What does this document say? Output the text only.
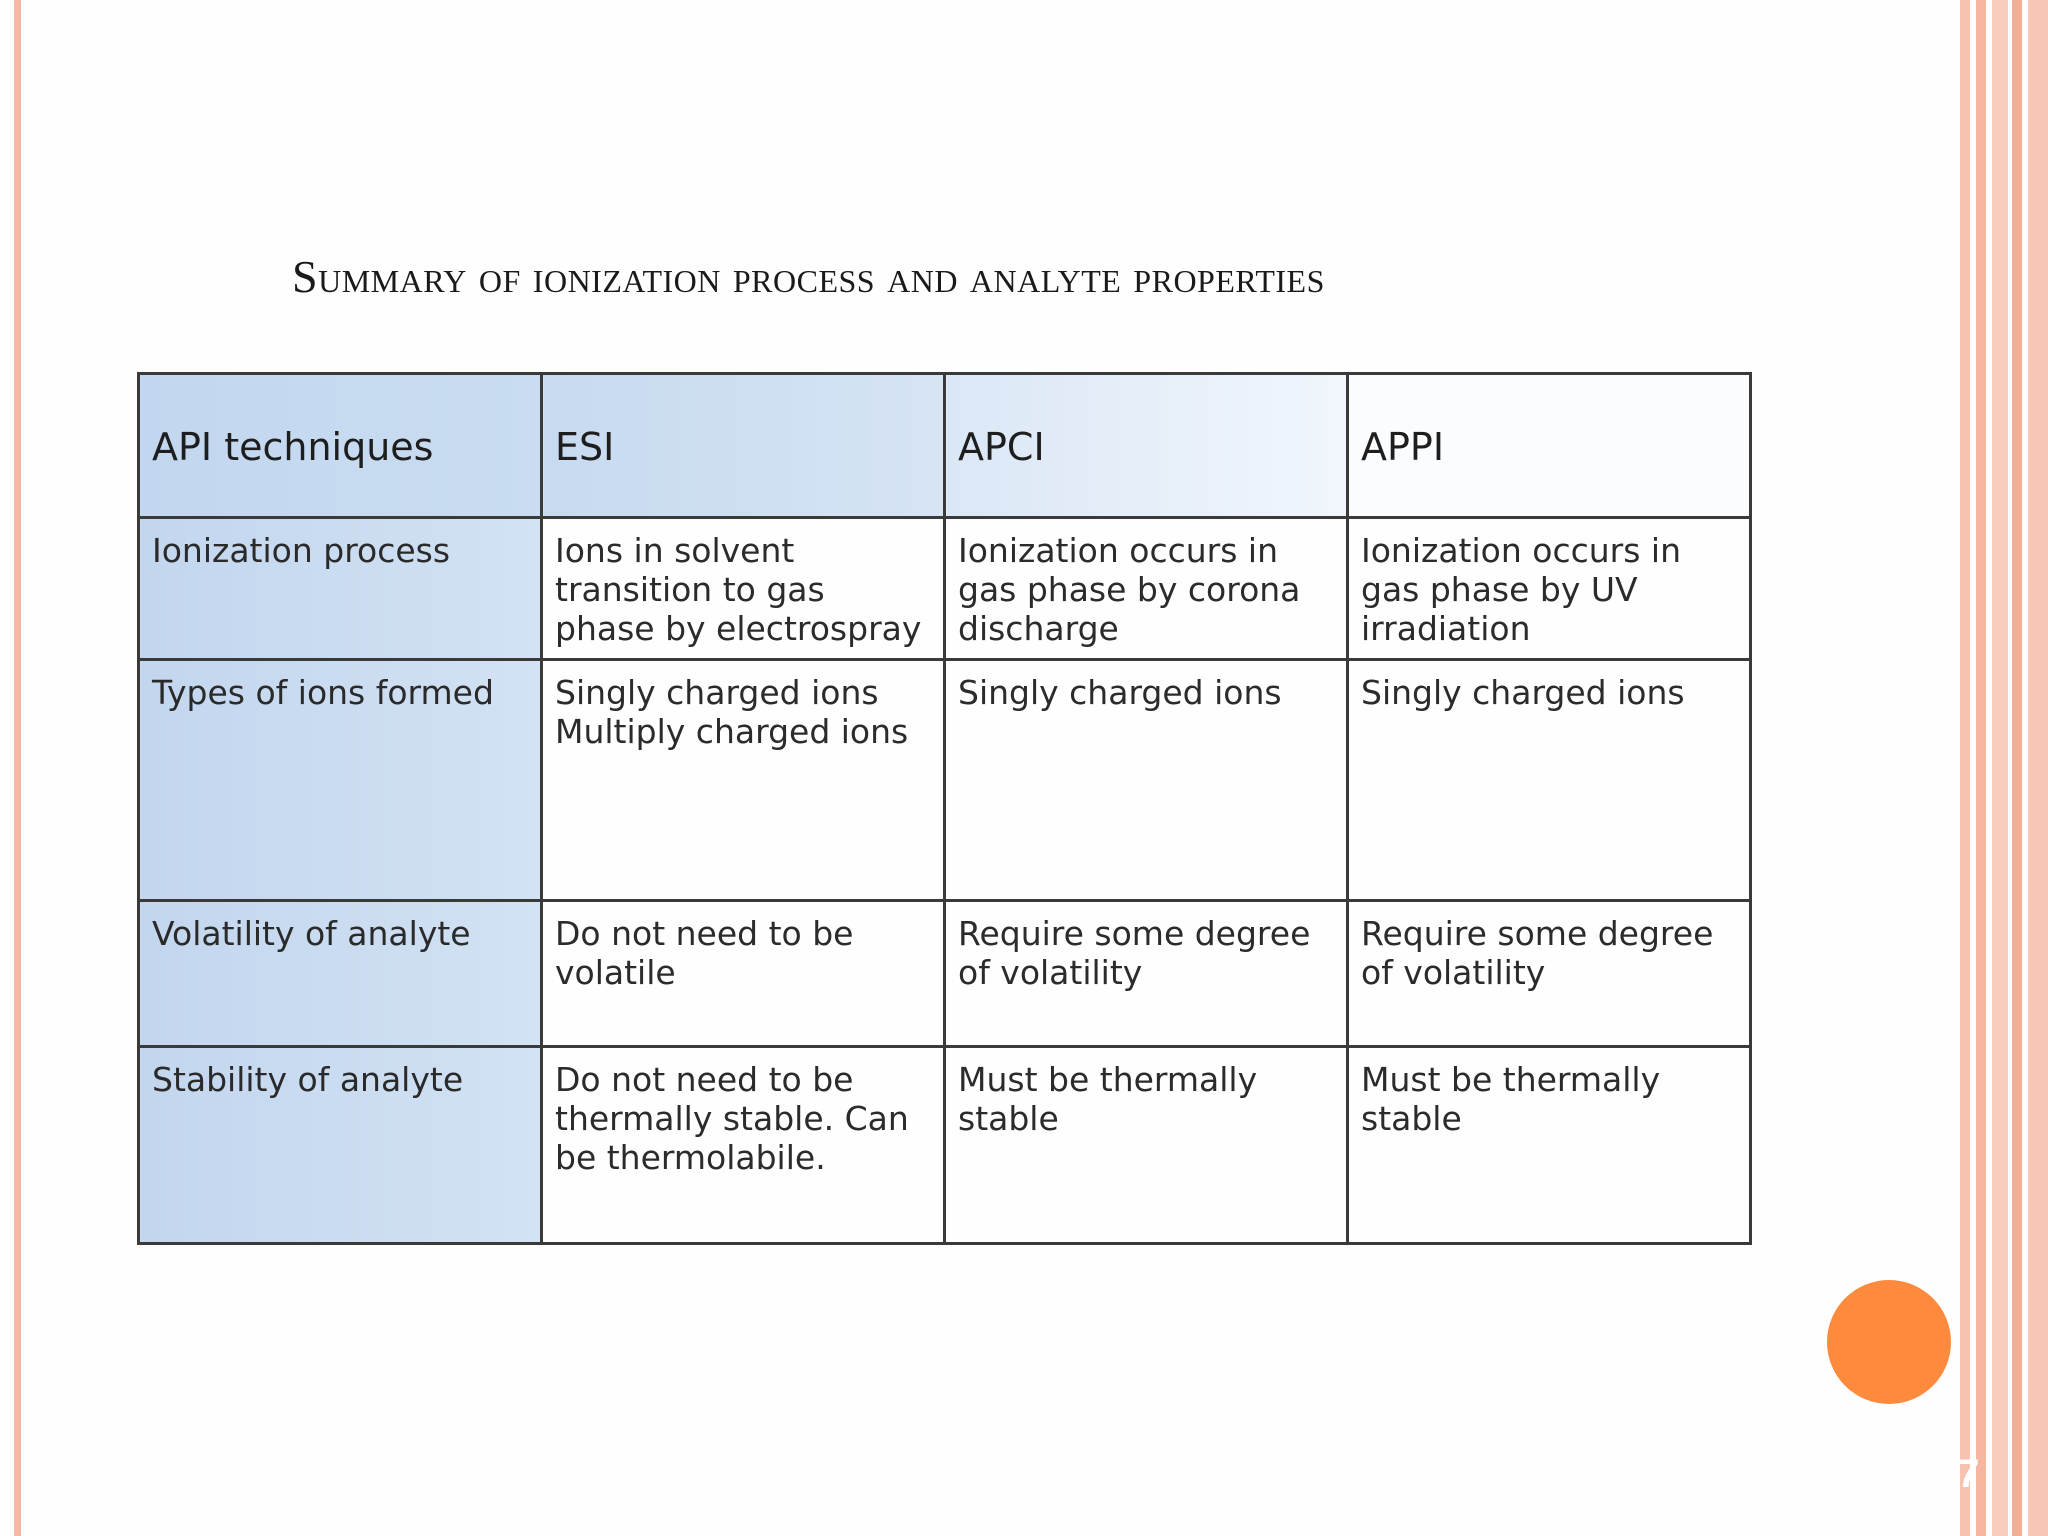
Summary of ionization process and analyte properties
API techniques	ESI	APCI	APPI
Ionization process	Ions in solvent transition to gas phase by electrospray	Ionization occurs in gas phase by corona discharge	Ionization occurs in gas phase by UV irradiation
Types of ions formed	Singly charged ions Multiply charged ions	Singly charged ions	Singly charged ions
Volatility of analyte	Do not need to be volatile	Require some degree of volatility	Require some degree of volatility
Stability of analyte	Do not need to be thermally stable. Can be thermolabile.	Must be thermally stable	Must be thermally stable
27
